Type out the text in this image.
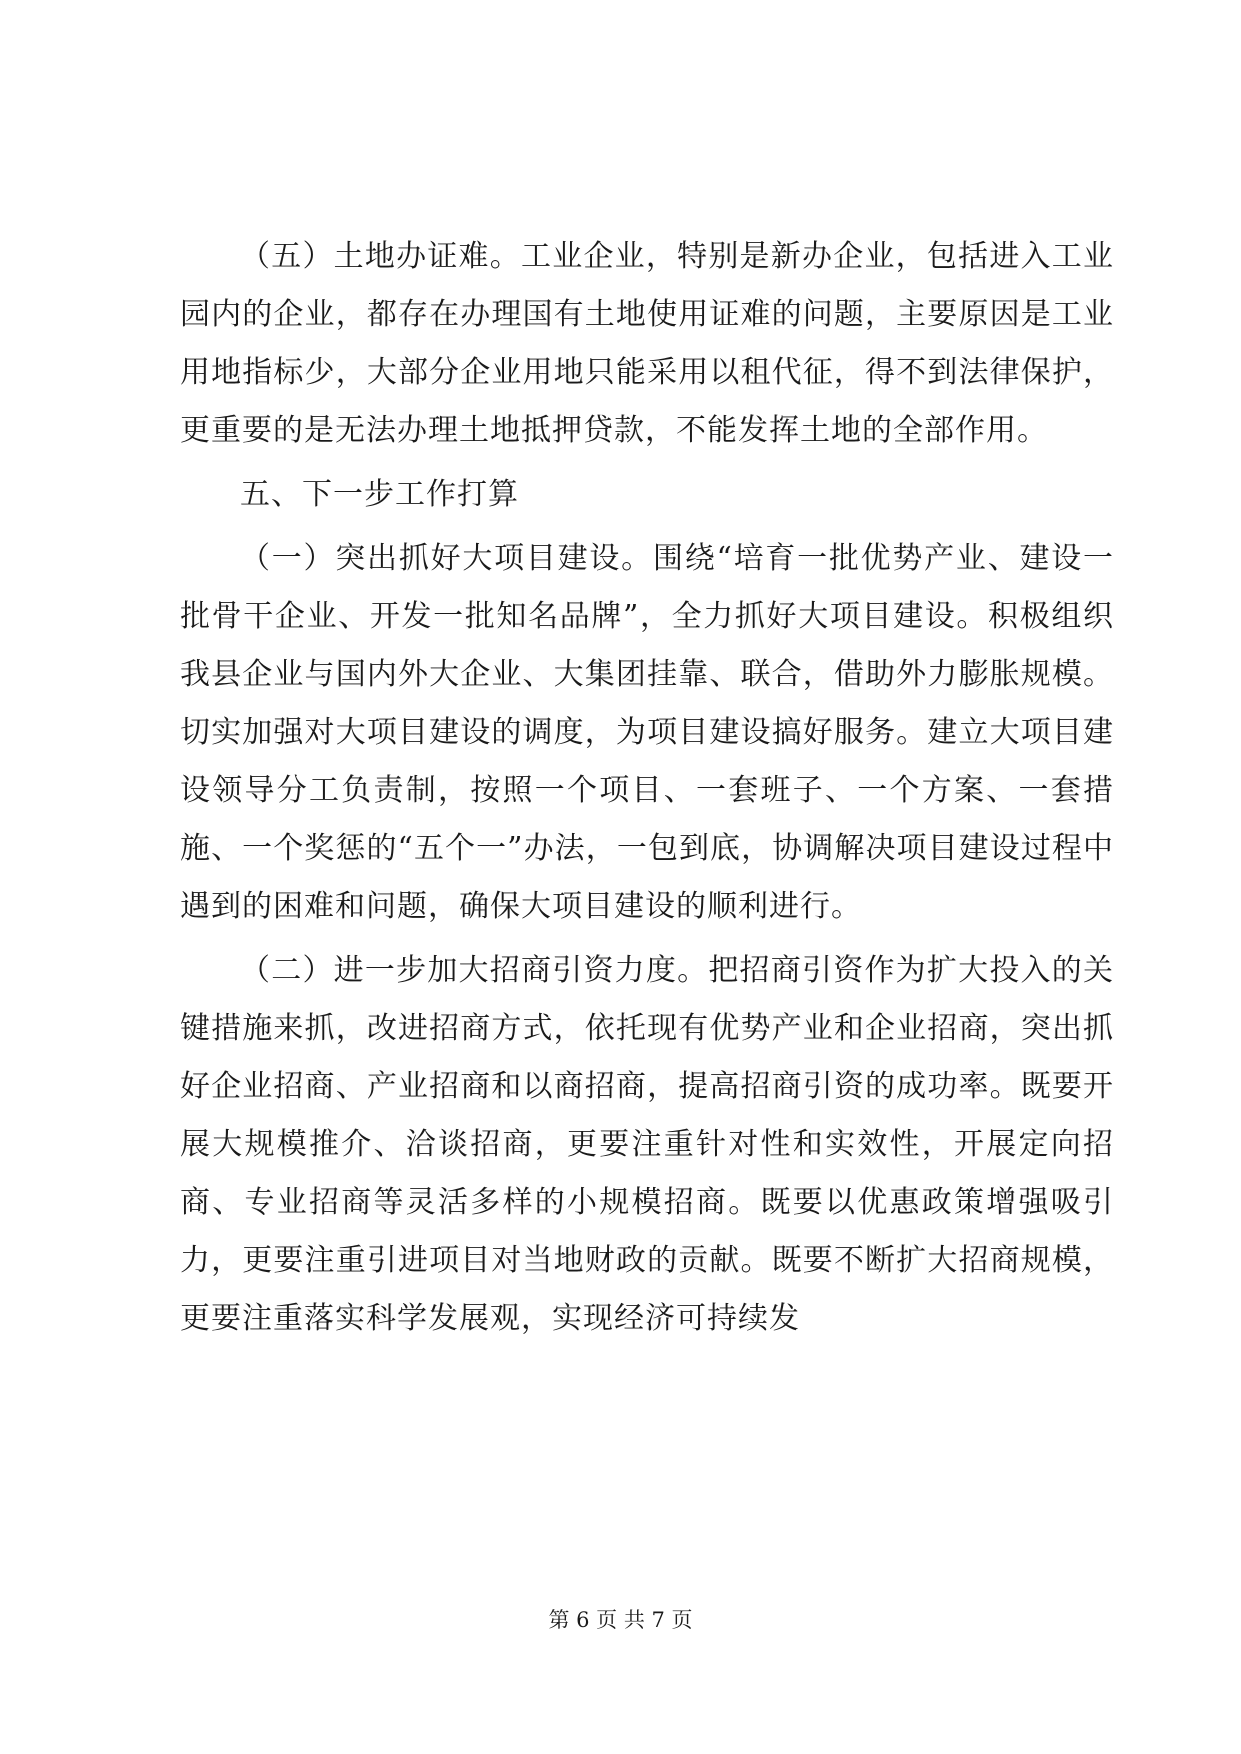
（五）土地办证难。工业企业，特别是新办企业，包括进入工业园内的企业，都存在办理国有土地使用证难的问题，主要原因是工业用地指标少，大部分企业用地只能采用以租代征，得不到法律保护，更重要的是无法办理土地抵押贷款，不能发挥土地的全部作用。

五、下一步工作打算

（一）突出抓好大项目建设。围绕“培育一批优势产业、建设一批骨干企业、开发一批知名品牌”，全力抓好大项目建设。积极组织我县企业与国内外大企业、大集团挂靠、联合，借助外力膨胀规模。切实加强对大项目建设的调度，为项目建设搞好服务。建立大项目建设领导分工负责制，按照一个项目、一套班子、一个方案、一套措施、一个奖惩的“五个一”办法，一包到底，协调解决项目建设过程中遇到的困难和问题，确保大项目建设的顺利进行。

（二）进一步加大招商引资力度。把招商引资作为扩大投入的关键措施来抓，改进招商方式，依托现有优势产业和企业招商，突出抓好企业招商、产业招商和以商招商，提高招商引资的成功率。既要开展大规模推介、洽谈招商，更要注重针对性和实效性，开展定向招商、专业招商等灵活多样的小规模招商。既要以优惠政策增强吸引力，更要注重引进项目对当地财政的贡献。既要不断扩大招商规模，更要注重落实科学发展观，实现经济可持续发

第 6 页 共 7 页
